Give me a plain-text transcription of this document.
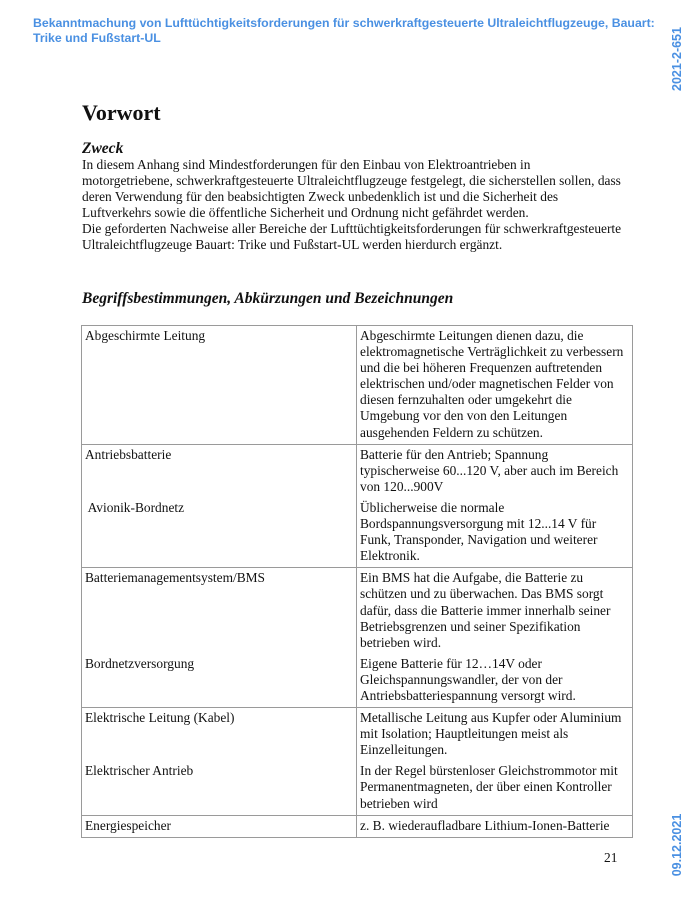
Bekanntmachung von Lufttüchtigkeitsforderungen für schwerkraftgesteuerte Ultraleichtflugzeuge, Bauart: Trike und Fußstart-UL	2021-2-651
09.12.2021
Vorwort
Zweck

In diesem Anhang sind Mindestforderungen für den Einbau von Elektroantrieben in motorgetriebene, schwerkraftgesteuerte Ultraleichtflugzeuge festgelegt, die sicherstellen sollen, dass deren Verwendung für den beabsichtigten Zweck unbedenklich ist und die Sicherheit des Luftverkehrs sowie die öffentliche Sicherheit und Ordnung nicht gefährdet werden.

Die geforderten Nachweise aller Bereiche der Lufttüchtigkeitsforderungen für schwerkraftgesteuerte Ultraleichtflugzeuge Bauart: Trike und Fußstart-UL werden hierdurch ergänzt.

Begriffsbestimmungen, Abkürzungen und Bezeichnungen
Abgeschirmte Leitung	Abgeschirmte Leitungen dienen dazu, die elektromagnetische Verträglichkeit zu verbessern und die bei höheren Frequenzen auftretenden elektrischen und/oder magnetischen Felder von diesen fernzuhalten oder umgekehrt die Umgebung vor den von den Leitungen ausgehenden Feldern zu schützen.
Antriebsbatterie	Batterie für den Antrieb; Spannung typischerweise 60...120 V, aber auch im Bereich von 120...900V
Avionik-Bordnetz	Üblicherweise die normale Bordspannungsversorgung mit 12...14 V für Funk, Transponder, Navigation und weiterer Elektronik.
Batteriemanagementsystem/BMS	Ein BMS hat die Aufgabe, die Batterie zu schützen und zu überwachen. Das BMS sorgt dafür, dass die Batterie immer innerhalb seiner Betriebsgrenzen und seiner Spezifikation betrieben wird.
Bordnetzversorgung	Eigene Batterie für 12…14V oder Gleichspannungswandler, der von der Antriebsbatteriespannung versorgt wird.
Elektrische Leitung (Kabel)	Metallische Leitung aus Kupfer oder Aluminium mit Isolation; Hauptleitungen meist als Einzelleitungen.
Elektrischer Antrieb	In der Regel bürstenloser Gleichstrommotor mit Permanentmagneten, der über einen Kontroller betrieben wird
Energiespeicher	z. B. wiederaufladbare Lithium-Ionen-Batterie
21
